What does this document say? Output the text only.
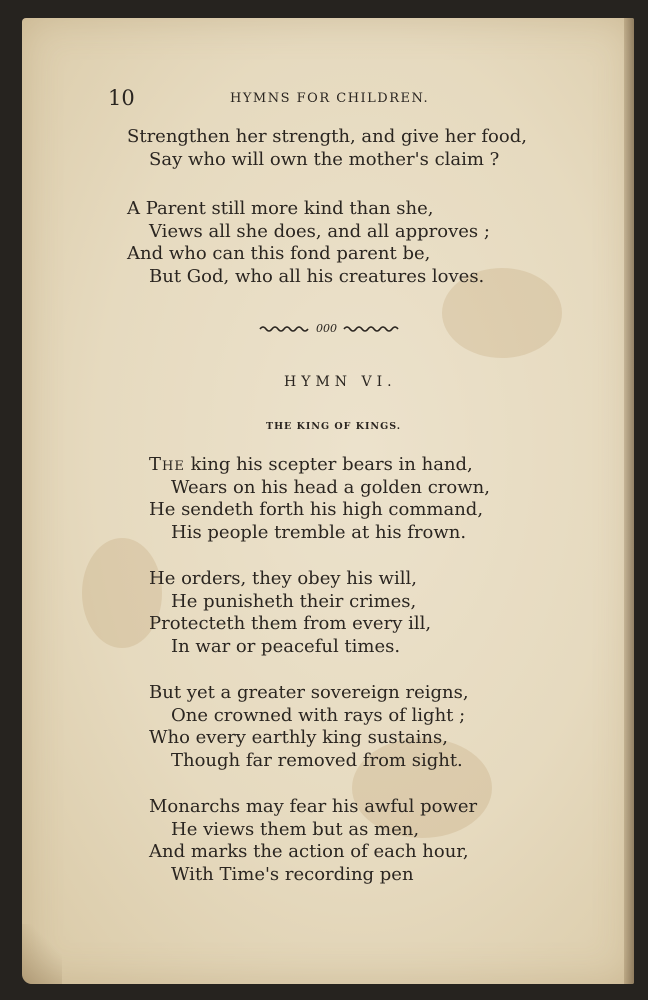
10	HYMNS FOR CHILDREN.
Strengthen her strength, and give her food,
Say who will own the mother's claim ?
A Parent still more kind than she,
Views all she does, and all approves ;
And who can this fond parent be,
But God, who all his creatures loves.
000
HYMN VI.
THE KING OF KINGS.
The king his scepter bears in hand,
Wears on his head a golden crown,
He sendeth forth his high command,
His people tremble at his frown.
He orders, they obey his will,
He punisheth their crimes,
Protecteth them from every ill,
In war or peaceful times.
But yet a greater sovereign reigns,
One crowned with rays of light ;
Who every earthly king sustains,
Though far removed from sight.
Monarchs may fear his awful power
He views them but as men,
And marks the action of each hour,
With Time's recording pen
